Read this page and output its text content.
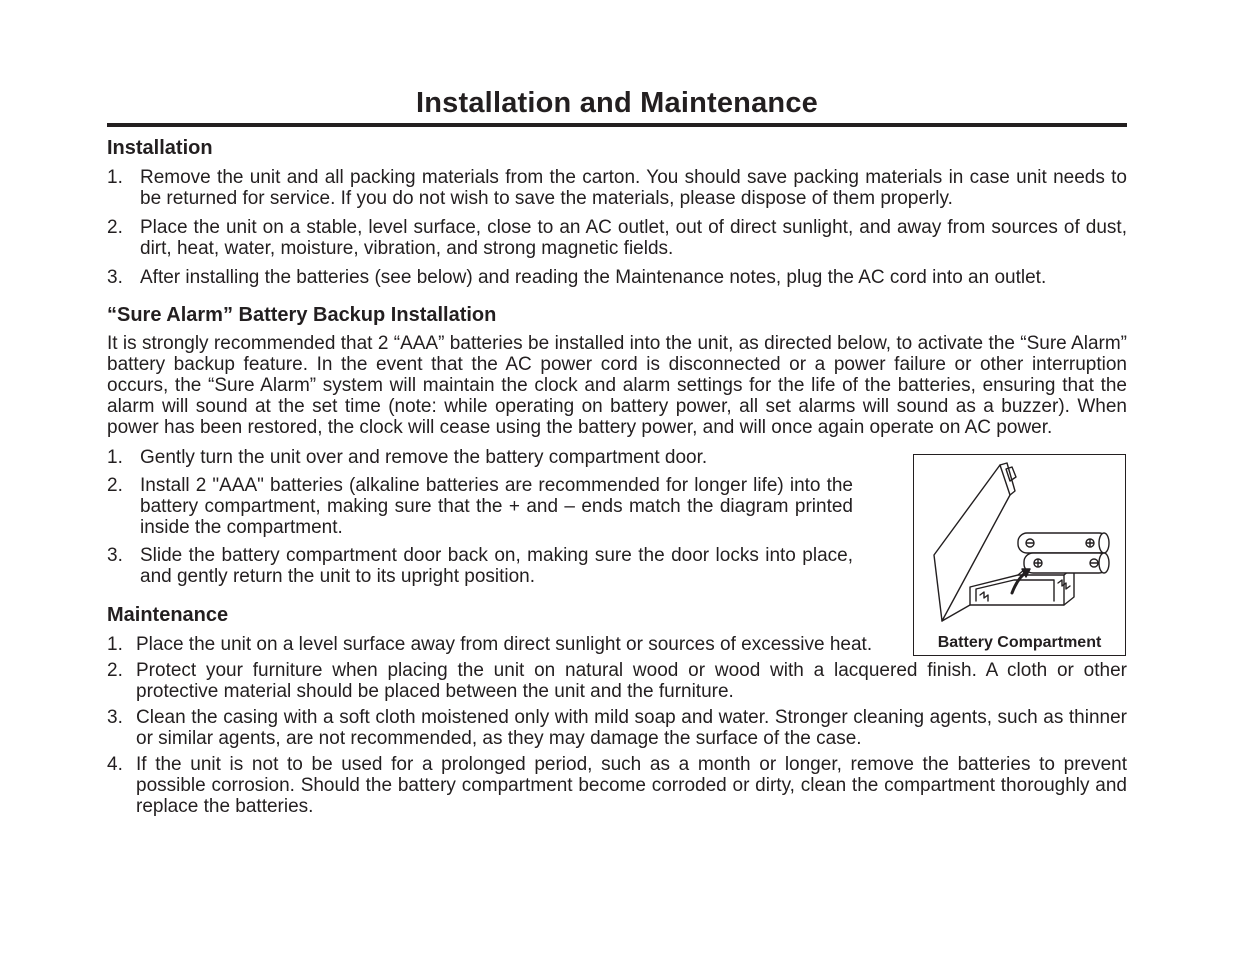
Installation and Maintenance
Installation
1. Remove the unit and all packing materials from the carton. You should save packing materials in case unit needs to be returned for service. If you do not wish to save the materials, please dispose of them properly.
2. Place the unit on a stable, level surface, close to an AC outlet, out of direct sunlight, and away from sources of dust, dirt, heat, water, moisture, vibration, and strong magnetic fields.
3. After installing the batteries (see below) and reading the Maintenance notes, plug the AC cord into an outlet.
“Sure Alarm” Battery Backup Installation
It is strongly recommended that 2 “AAA” batteries be installed into the unit, as directed below, to activate the “Sure Alarm” battery backup feature. In the event that the AC power cord is disconnected or a power failure or other interruption occurs, the “Sure Alarm” system will maintain the clock and alarm settings for the life of the batteries, ensuring that the alarm will sound at the set time (note: while operating on battery power, all set alarms will sound as a buzzer). When power has been restored, the clock will cease using the battery power, and will once again operate on AC power.
1. Gently turn the unit over and remove the battery compartment door.
2. Install 2 "AAA" batteries (alkaline batteries are recommended for longer life) into the battery compartment, making sure that the + and – ends match the diagram printed inside the compartment.
3. Slide the battery compartment door back on, making sure the door locks into place, and gently return the unit to its upright position.
Maintenance
1. Place the unit on a level surface away from direct sunlight or sources of excessive heat.
2. Protect your furniture when placing the unit on natural wood or wood with a lacquered finish. A cloth or other protective material should be placed between the unit and the furniture.
3. Clean the casing with a soft cloth moistened only with mild soap and water. Stronger cleaning agents, such as thinner or similar agents, are not recommended, as they may damage the surface of the case.
4. If the unit is not to be used for a prolonged period, such as a month or longer, remove the batteries to prevent possible corrosion. Should the battery compartment become corroded or dirty, clean the compartment thoroughly and replace the batteries.
Battery Compartment
